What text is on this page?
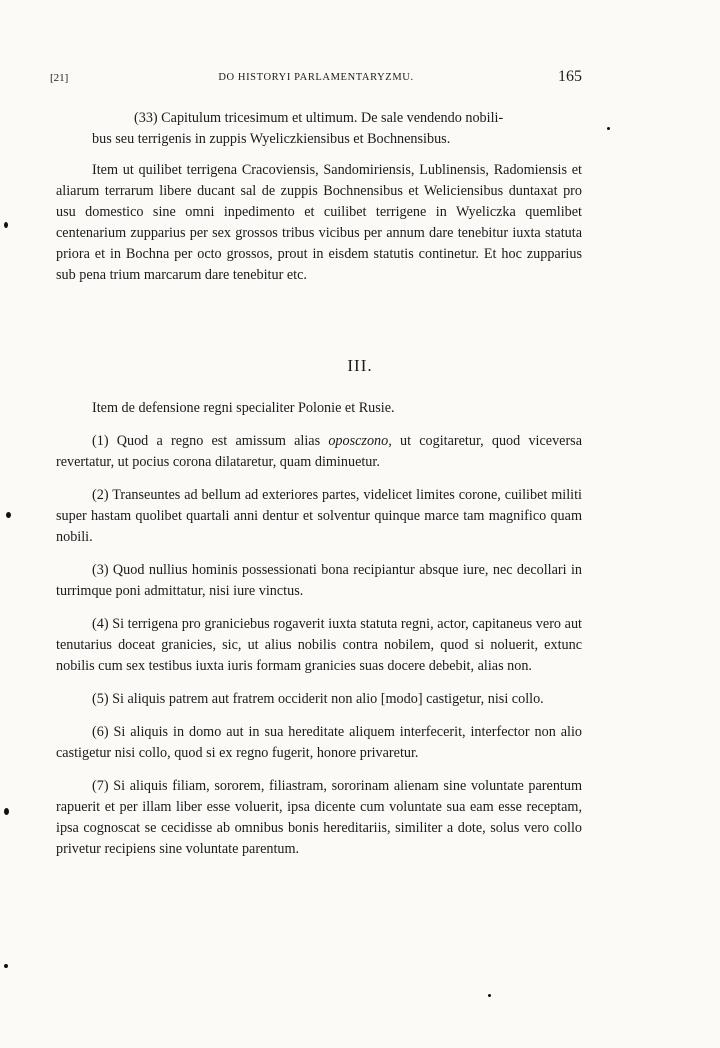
[21]	DO HISTORYI PARLAMENTARYZMU.	165

(33) Capitulum tricesimum et ultimum. De sale vendendo nobili-

bus seu terrigenis in zuppis Wyeliczkiensibus et Bochnensibus.

Item ut quilibet terrigena Cracoviensis, Sandomiriensis, Lublinensis, Radomiensis et aliarum terrarum libere ducant sal de zuppis Bochnensibus et Weliciensibus duntaxat pro usu domestico sine omni inpedimento et cuilibet terrigene in Wyeliczka quemlibet centenarium zupparius per sex grossos tribus vicibus per annum dare tenebitur iuxta statuta priora et in Bochna per octo grossos, prout in eisdem statutis continetur. Et hoc zupparius sub pena trium marcarum dare tenebitur etc.

III.

Item de defensione regni specialiter Polonie et Rusie.

(1) Quod a regno est amissum alias oposczono, ut cogitaretur, quod viceversa revertatur, ut pocius corona dilataretur, quam diminuetur.

(2) Transeuntes ad bellum ad exteriores partes, videlicet limites corone, cuilibet militi super hastam quolibet quartali anni dentur et solventur quinque marce tam magnifico quam nobili.

(3) Quod nullius hominis possessionati bona recipiantur absque iure, nec decollari in turrimque poni admittatur, nisi iure vinctus.

(4) Si terrigena pro graniciebus rogaverit iuxta statuta regni, actor, capitaneus vero aut tenutarius doceat granicies, sic, ut alius nobilis contra nobilem, quod si noluerit, extunc nobilis cum sex testibus iuxta iuris formam granicies suas docere debebit, alias non.

(5) Si aliquis patrem aut fratrem occiderit non alio [modo] castigetur, nisi collo.

(6) Si aliquis in domo aut in sua hereditate aliquem interfecerit, interfector non alio castigetur nisi collo, quod si ex regno fugerit, honore privaretur.

(7) Si aliquis filiam, sororem, filiastram, sororinam alienam sine voluntate parentum rapuerit et per illam liber esse voluerit, ipsa dicente cum voluntate sua eam esse receptam, ipsa cognoscat se cecidisse ab omnibus bonis hereditariis, similiter a dote, solus vero collo privetur recipiens sine voluntate parentum.
